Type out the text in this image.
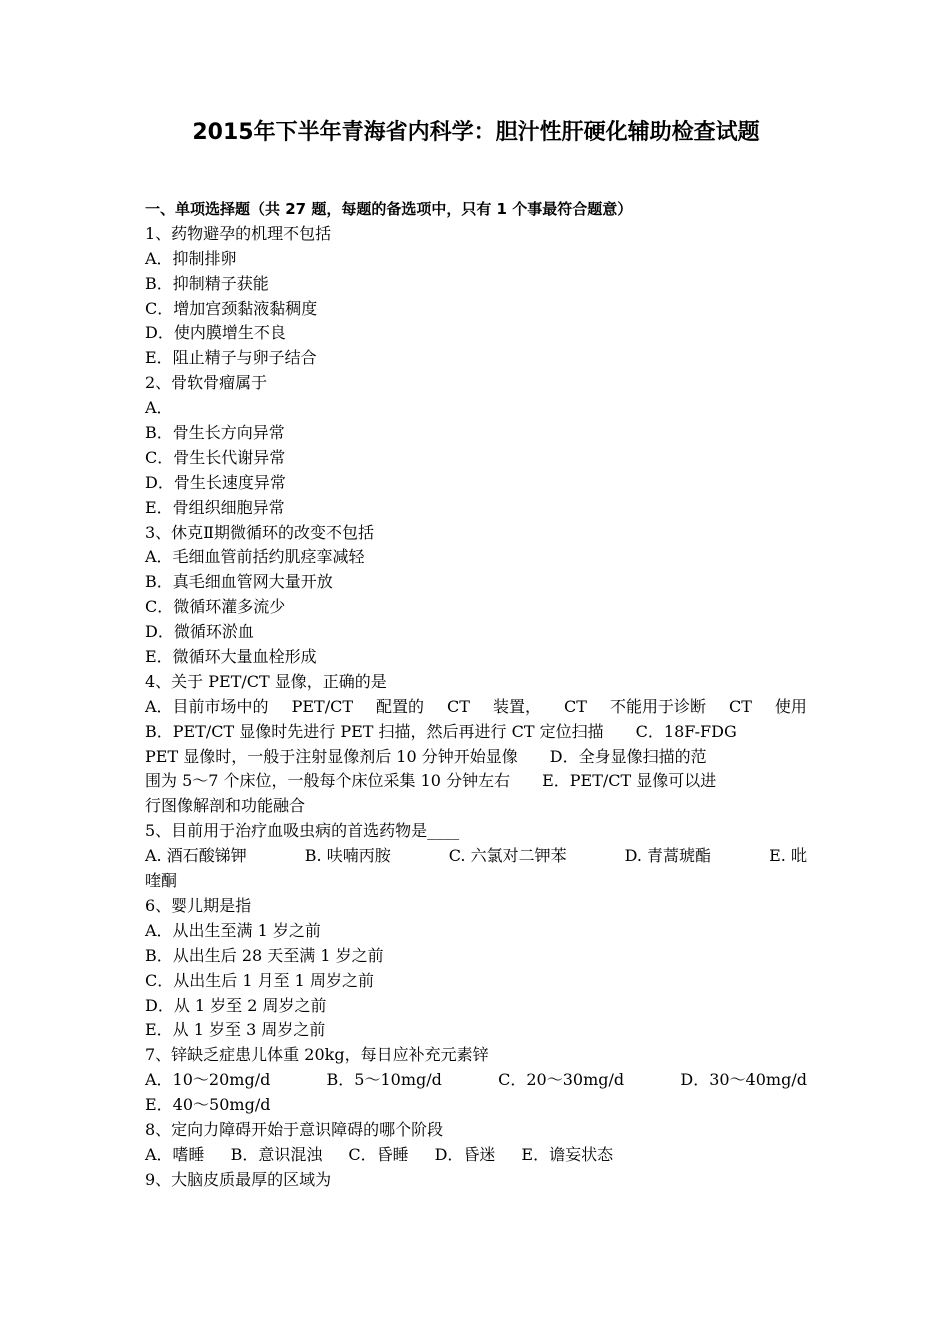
2015年下半年青海省内科学：胆汁性肝硬化辅助检查试题
一、单项选择题（共 27 题，每题的备选项中，只有 1 个事最符合题意）
1、药物避孕的机理不包括
A．抑制排卵
B．抑制精子获能
C．增加宫颈黏液黏稠度
D．使内膜增生不良
E．阻止精子与卵子结合
2、骨软骨瘤属于
A．
B．骨生长方向异常
C．骨生长代谢异常
D．骨生长速度异常
E．骨组织细胞异常
3、休克Ⅱ期微循环的改变不包括
A．毛细血管前括约肌痉挛减轻
B．真毛细血管网大量开放
C．微循环灌多流少
D．微循环淤血
E．微循环大量血栓形成
4、关于 PET/CT 显像，正确的是
A．目前市场中的 PET/CT 配置的 CT 装置， CT 不能用于诊断 CT 使用
B．PET/CT 显像时先进行 PET 扫描，然后再进行 CT 定位扫描　　C．18F-FDG
PET 显像时，一般于注射显像剂后 10 分钟开始显像　　D．全身显像扫描的范
围为 5～7 个床位，一般每个床位采集 10 分钟左右　　E．PET/CT 显像可以进
行图像解剖和功能融合
5、目前用于治疗血吸虫病的首选药物是____
A. 酒石酸锑钾	B. 呋喃丙胺	C. 六氯对二钾苯	D. 青蒿琥酯	E. 吡
喹酮
6、婴儿期是指
A．从出生至满 1 岁之前
B．从出生后 28 天至满 1 岁之前
C．从出生后 1 月至 1 周岁之前
D．从 1 岁至 2 周岁之前
E．从 1 岁至 3 周岁之前
7、锌缺乏症患儿体重 20kg，每日应补充元素锌
A．10～20mg/d	B．5～10mg/d	C．20～30mg/d	D．30～40mg/d
E．40～50mg/d
8、定向力障碍开始于意识障碍的哪个阶段
A．嗜睡 B．意识混浊 C．昏睡 D．昏迷 E．谵妄状态
9、大脑皮质最厚的区域为
